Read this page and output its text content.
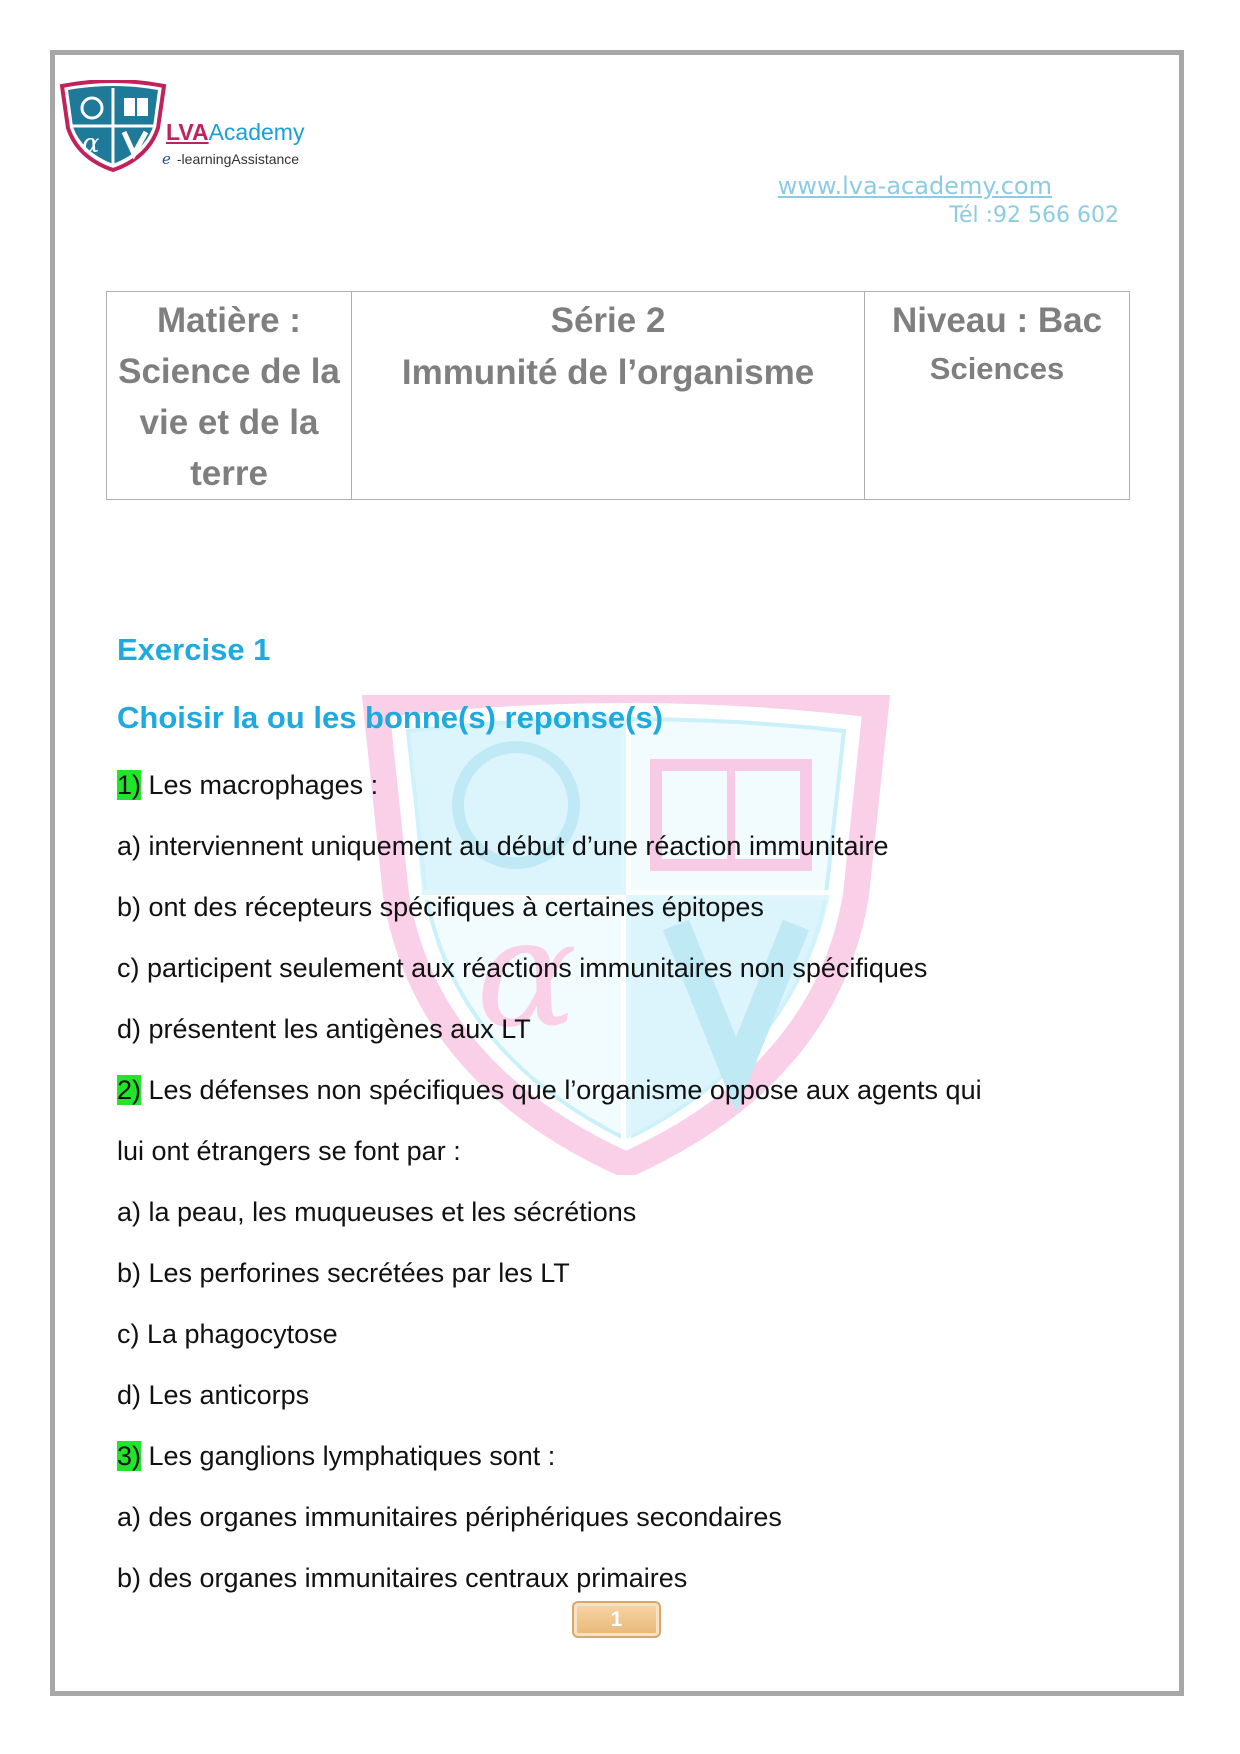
α	LVAAcademy
e -learningAssistance
www.lva-academy.com
Tél :92 566 602
Matière :
Science de la
vie et de la
terre

Série 2
Immunité de l’organisme

Niveau : Bac
Sciences
α
Exercise 1
Choisir la ou les bonne(s) reponse(s)
1) Les macrophages :
a) interviennent uniquement au début d’une réaction immunitaire
b) ont des récepteurs spécifiques à certaines épitopes
c) participent seulement aux réactions immunitaires non spécifiques
d) présentent les antigènes aux LT
2) Les défenses non spécifiques que l’organisme oppose aux agents qui
lui ont étrangers se font par :
a) la peau, les muqueuses et les sécrétions
b) Les perforines secrétées par les LT
c) La phagocytose
d) Les anticorps
3) Les ganglions lymphatiques sont :
a) des organes immunitaires périphériques secondaires
b) des organes immunitaires centraux primaires
1
